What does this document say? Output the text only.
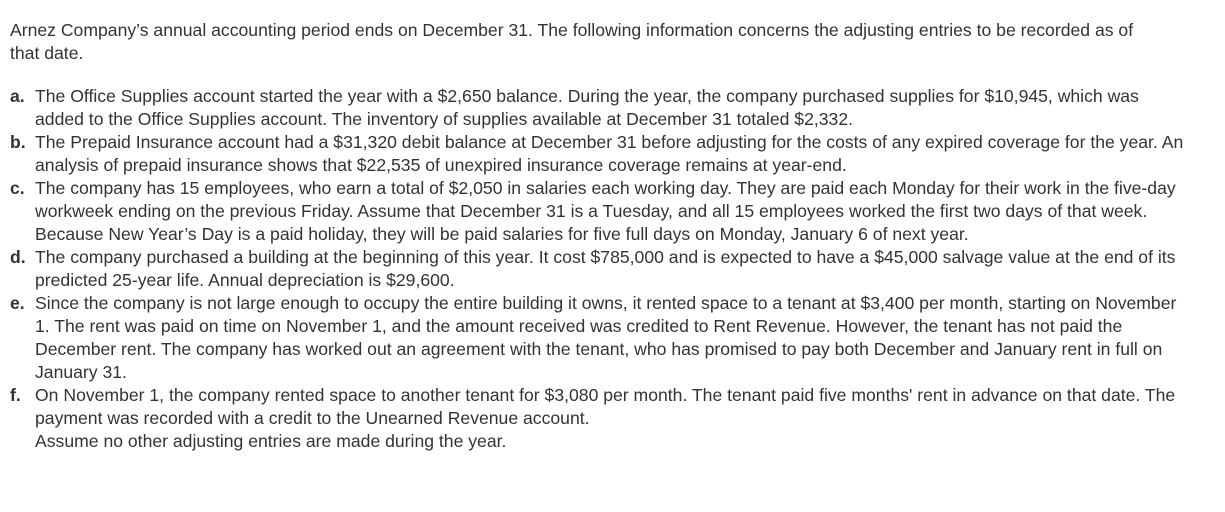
Arnez Company’s annual accounting period ends on December 31. The following information concerns the adjusting entries to be recorded as of that date.

a. The Office Supplies account started the year with a $2,650 balance. During the year, the company purchased supplies for $10,945, which was added to the Office Supplies account. The inventory of supplies available at December 31 totaled $2,332.
b. The Prepaid Insurance account had a $31,320 debit balance at December 31 before adjusting for the costs of any expired coverage for the year. An analysis of prepaid insurance shows that $22,535 of unexpired insurance coverage remains at year-end.
c. The company has 15 employees, who earn a total of $2,050 in salaries each working day. They are paid each Monday for their work in the five-day workweek ending on the previous Friday. Assume that December 31 is a Tuesday, and all 15 employees worked the first two days of that week. Because New Year’s Day is a paid holiday, they will be paid salaries for five full days on Monday, January 6 of next year.
d. The company purchased a building at the beginning of this year. It cost $785,000 and is expected to have a $45,000 salvage value at the end of its predicted 25-year life. Annual depreciation is $29,600.
e. Since the company is not large enough to occupy the entire building it owns, it rented space to a tenant at $3,400 per month, starting on November 1. The rent was paid on time on November 1, and the amount received was credited to Rent Revenue. However, the tenant has not paid the December rent. The company has worked out an agreement with the tenant, who has promised to pay both December and January rent in full on January 31.
f. On November 1, the company rented space to another tenant for $3,080 per month. The tenant paid five months' rent in advance on that date. The payment was recorded with a credit to the Unearned Revenue account.

Assume no other adjusting entries are made during the year.
